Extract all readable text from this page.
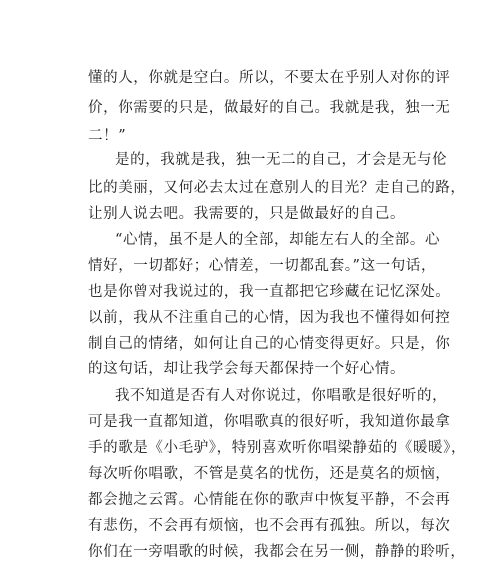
懂的人，你就是空白。所以，不要太在乎别人对你的评
价，你需要的只是，做最好的自己。我就是我，独一无
二！”
是的，我就是我，独一无二的自己，才会是无与伦
比的美丽，又何必去太过在意别人的目光？走自己的路，
让别人说去吧。我需要的，只是做最好的自己。
“心情，虽不是人的全部，却能左右人的全部。心
情好，一切都好；心情差，一切都乱套。”这一句话，
也是你曾对我说过的，我一直都把它珍藏在记忆深处。
以前，我从不注重自己的心情，因为我也不懂得如何控
制自己的情绪，如何让自己的心情变得更好。只是，你
的这句话，却让我学会每天都保持一个好心情。
我不知道是否有人对你说过，你唱歌是很好听的，
可是我一直都知道，你唱歌真的很好听，我知道你最拿
手的歌是《小毛驴》，特别喜欢听你唱梁静茹的《暖暖》，
每次听你唱歌，不管是莫名的忧伤，还是莫名的烦恼，
都会抛之云霄。心情能在你的歌声中恢复平静，不会再
有悲伤，不会再有烦恼，也不会再有孤独。所以，每次
你们在一旁唱歌的时候，我都会在另一侧，静静的聆听，
